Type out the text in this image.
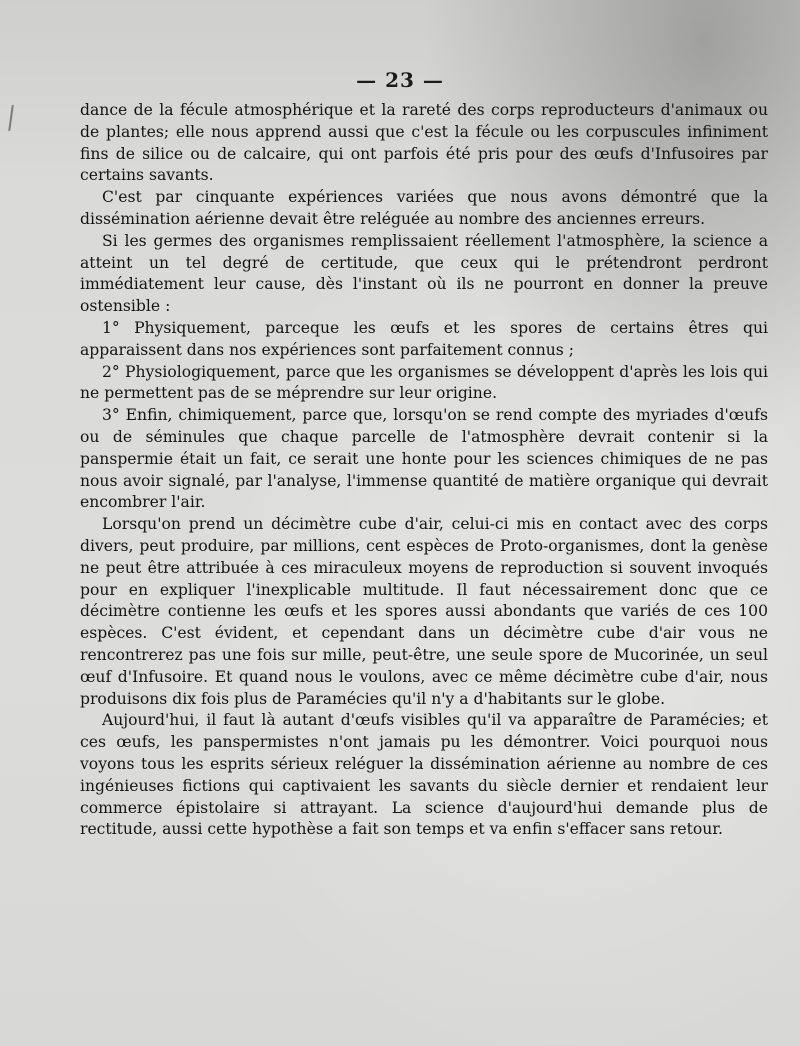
— 23 —

dance de la fécule atmosphérique et la rareté des corps reproducteurs d'animaux ou de plantes; elle nous apprend aussi que c'est la fécule ou les corpuscules infiniment fins de silice ou de calcaire, qui ont parfois été pris pour des œufs d'Infusoires par certains savants.

C'est par cinquante expériences variées que nous avons démontré que la dissémination aérienne devait être reléguée au nombre des anciennes erreurs.

Si les germes des organismes remplissaient réellement l'atmosphère, la science a atteint un tel degré de certitude, que ceux qui le prétendront perdront immédiatement leur cause, dès l'instant où ils ne pourront en donner la preuve ostensible :

1° Physiquement, parceque les œufs et les spores de certains êtres qui apparaissent dans nos expériences sont parfaitement connus ;

2° Physiologiquement, parce que les organismes se développent d'après les lois qui ne permettent pas de se méprendre sur leur origine.

3° Enfin, chimiquement, parce que, lorsqu'on se rend compte des myriades d'œufs ou de séminules que chaque parcelle de l'atmosphère devrait contenir si la panspermie était un fait, ce serait une honte pour les sciences chimiques de ne pas nous avoir signalé, par l'analyse, l'immense quantité de matière organique qui devrait encombrer l'air.

Lorsqu'on prend un décimètre cube d'air, celui-ci mis en contact avec des corps divers, peut produire, par millions, cent espèces de Proto-organismes, dont la genèse ne peut être attribuée à ces miraculeux moyens de reproduction si souvent invoqués pour en expliquer l'inexplicable multitude. Il faut nécessairement donc que ce décimètre contienne les œufs et les spores aussi abondants que variés de ces 100 espèces. C'est évident, et cependant dans un décimètre cube d'air vous ne rencontrerez pas une fois sur mille, peut-être, une seule spore de Mucorinée, un seul œuf d'Infusoire. Et quand nous le voulons, avec ce même décimètre cube d'air, nous produisons dix fois plus de Paramécies qu'il n'y a d'habitants sur le globe.

Aujourd'hui, il faut là autant d'œufs visibles qu'il va apparaître de Paramécies; et ces œufs, les panspermistes n'ont jamais pu les démontrer. Voici pourquoi nous voyons tous les esprits sérieux reléguer la dissémination aérienne au nombre de ces ingénieuses fictions qui captivaient les savants du siècle dernier et rendaient leur commerce épistolaire si attrayant. La science d'aujourd'hui demande plus de rectitude, aussi cette hypothèse a fait son temps et va enfin s'effacer sans retour.
